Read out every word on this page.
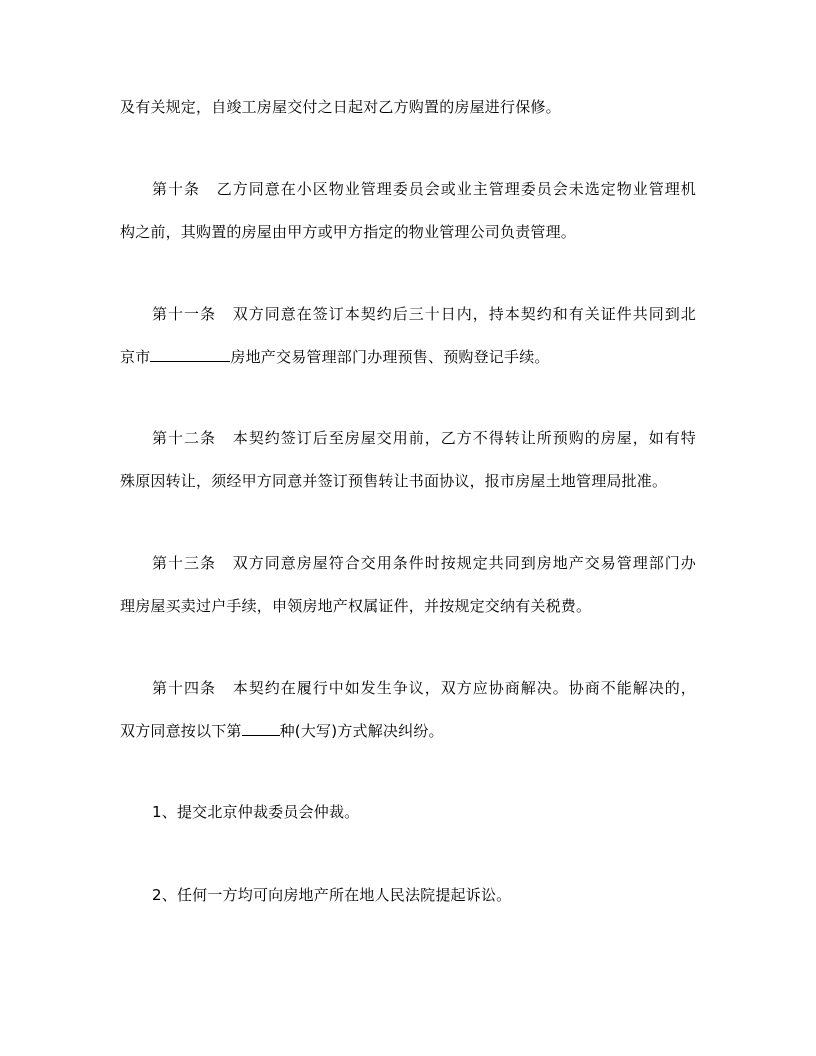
及有关规定，自竣工房屋交付之日起对乙方购置的房屋进行保修。
第十条 乙方同意在小区物业管理委员会或业主管理委员会未选定物业管理机
构之前，其购置的房屋由甲方或甲方指定的物业管理公司负责管理。
第十一条 双方同意在签订本契约后三十日内，持本契约和有关证件共同到北
京市	房地产交易管理部门办理预售、预购登记手续。
第十二条 本契约签订后至房屋交用前，乙方不得转让所预购的房屋，如有特
殊原因转让，须经甲方同意并签订预售转让书面协议，报市房屋土地管理局批准。
第十三条 双方同意房屋符合交用条件时按规定共同到房地产交易管理部门办
理房屋买卖过户手续，申领房地产权属证件，并按规定交纳有关税费。
第十四条 本契约在履行中如发生争议，双方应协商解决。协商不能解决的，
双方同意按以下第	种(大写)方式解决纠纷。
1、提交北京仲裁委员会仲裁。
2、任何一方均可向房地产所在地人民法院提起诉讼。
